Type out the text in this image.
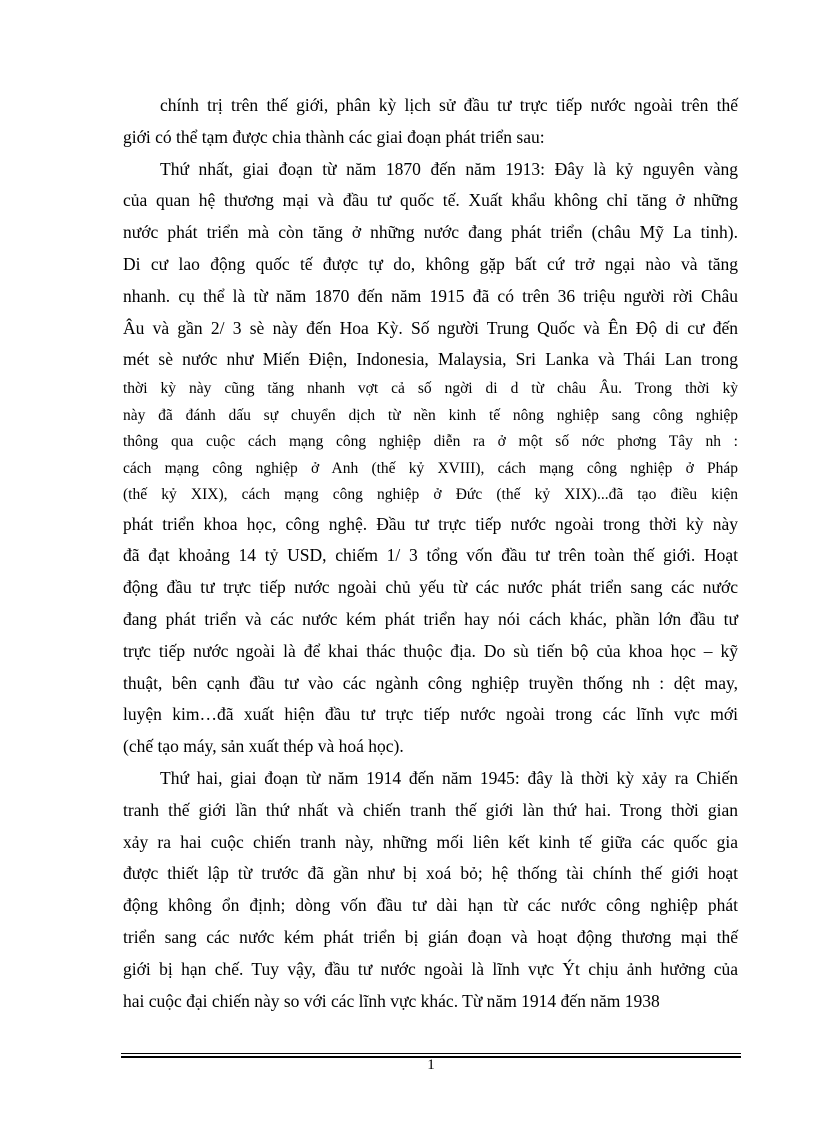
chính trị trên thế giới, phân kỳ lịch sử đầu tư trực tiếp nước ngoài trên thế
giới có thể tạm được chia thành các giai đoạn phát triển sau:
Thứ nhất, giai đoạn từ năm 1870 đến năm 1913: Đây là kỷ nguyên vàng
của quan hệ thương mại và đầu tư quốc tế. Xuất khẩu không chỉ tăng ở những
nước phát triển mà còn tăng ở những nước đang phát triển (châu Mỹ La tinh).
Di cư lao động quốc tế được tự do, không gặp bất cứ trở ngại nào và tăng
nhanh. cụ thể là từ năm 1870 đến năm 1915 đã có trên 36 triệu người rời Châu
Âu và gần 2/ 3 sè này đến Hoa Kỳ. Số người Trung Quốc và Ên Độ di cư đến
mét sè nước như Miến Điện, Indonesia, Malaysia, Sri Lanka và Thái Lan trong
thời kỳ này cũng tăng nhanh vợt cả số ngời di d từ châu Âu. Trong thời kỳ
này đã đánh dấu sự chuyển dịch từ nền kinh tế nông nghiệp sang công nghiệp
thông qua cuộc cách mạng công nghiệp diễn ra ở một số nớc phơng Tây nh :
cách mạng công nghiệp ở Anh (thế kỷ XVIII), cách mạng công nghiệp ở Pháp
(thế kỷ XIX), cách mạng công nghiệp ở Đức (thế kỷ XIX)...đã tạo điều kiện
phát triển khoa học, công nghệ. Đầu tư trực tiếp nước ngoài trong thời kỳ này
đã đạt khoảng 14 tỷ USD, chiếm 1/ 3 tổng vốn đầu tư trên toàn thế giới. Hoạt
động đầu tư trực tiếp nước ngoài chủ yếu từ các nước phát triển sang các nước
đang phát triển và các nước kém phát triển hay nói cách khác, phần lớn đầu tư
trực tiếp nước ngoài là để khai thác thuộc địa. Do sù tiến bộ của khoa học – kỹ
thuật, bên cạnh đầu tư vào các ngành công nghiệp truyền thống nh : dệt may,
luyện kim…đã xuất hiện đầu tư trực tiếp nước ngoài trong các lĩnh vực mới
(chế tạo máy, sản xuất thép và hoá học).
Thứ hai, giai đoạn từ năm 1914 đến năm 1945: đây là thời kỳ xảy ra Chiến
tranh thế giới lần thứ nhất và chiến tranh thế giới làn thứ hai. Trong thời gian
xảy ra hai cuộc chiến tranh này, những mối liên kết kinh tế giữa các quốc gia
được thiết lập từ trước đã gần như bị xoá bỏ; hệ thống tài chính thế giới hoạt
động không ổn định; dòng vốn đầu tư dài hạn từ các nước công nghiệp phát
triển sang các nước kém phát triển bị gián đoạn và hoạt động thương mại thế
giới bị hạn chế. Tuy vậy, đầu tư nước ngoài là lĩnh vực Ýt chịu ảnh hưởng của
hai cuộc đại chiến này so với các lĩnh vực khác. Từ năm 1914 đến năm 1938
1
